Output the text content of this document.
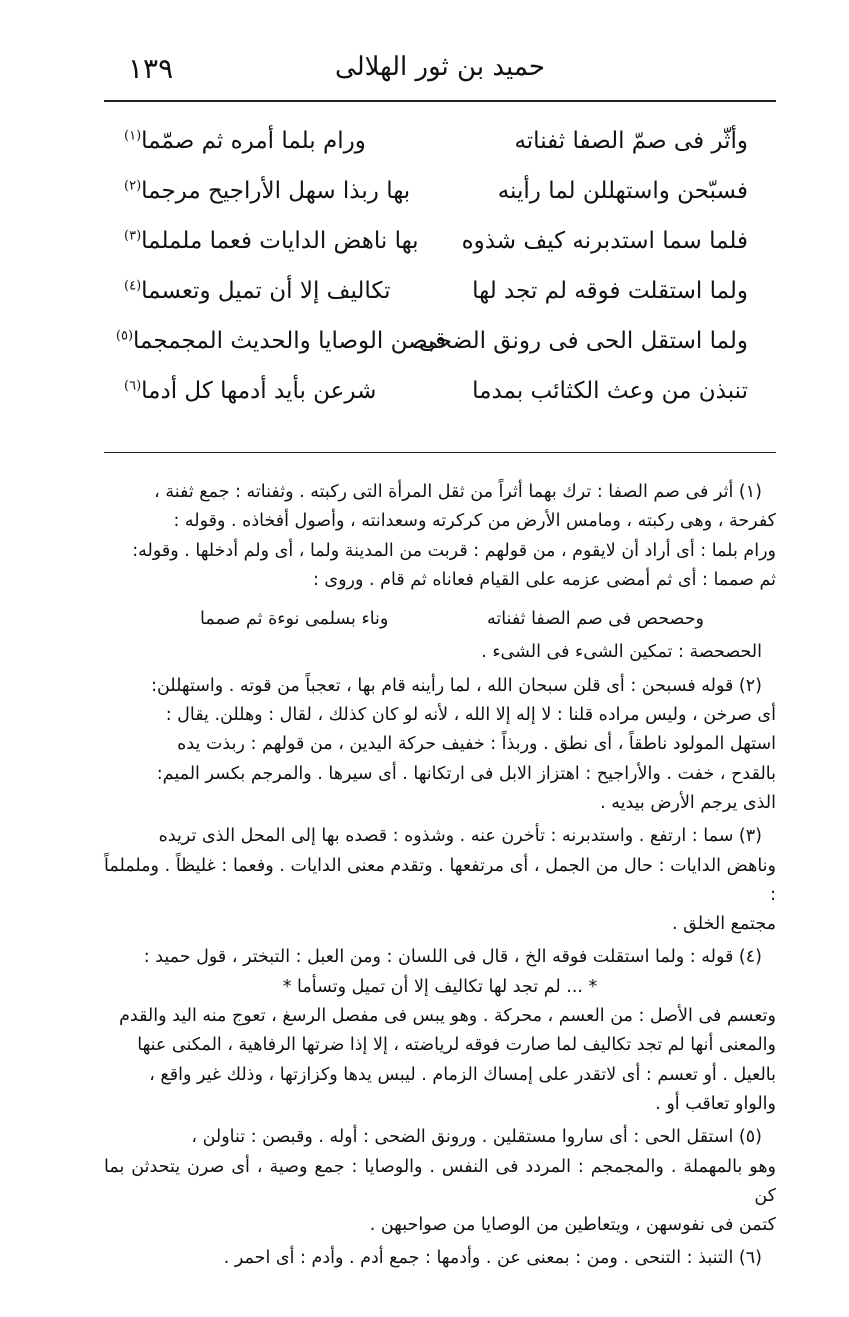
حميد بن ثور الهلالى
١٣٩
وأثّر فى صمّ الصفا ثفناته
ورام بلما أمره ثم صمّما$^{(١)}$
فسبّحن واستهللن لما رأينه
بها ربذا سهل الأراجيح مرجما$^{(٢)}$
فلما سما استدبرنه كيف شذوه
بها ناهض الدايات فعما ململما$^{(٣)}$
ولما استقلت فوقه لم تجد لها
تكاليف إلا أن تميل وتعسما$^{(٤)}$
ولما استقل الحى فى رونق الضحى
قبصن الوصايا والحديث المجمجما$^{(٥)}$
تنبذن من وعث الكثائب بمدما
شرعن بأيد أدمها كل أدما$^{(٦)}$

(١) أثر فى صم الصفا : ترك بهما أثراً من ثقل المرأة التى ركبته . وثفناته : جمع ثفنة ،

كفرحة ، وهى ركبته ، ومامس الأرض من كركرته وسعدانته ، وأصول أفخاذه . وقوله :

ورام بلما : أى أراد أن لايقوم ، من قولهم : قربت من المدينة ولما ، أى ولم أدخلها . وقوله:

ثم صمما : أى ثم أمضى عزمه على القيام فعاناه ثم قام . وروى :

وحصحص فى صم الصفا ثفناته
وناء بسلمى نوءة ثم صمما

الحصحصة : تمكين الشىء فى الشىء .

(٢) قوله فسبحن : أى قلن سبحان الله ، لما رأينه قام بها ، تعجباً من قوته . واستهللن:

أى صرخن ، وليس مراده قلنا : لا إله إلا الله ، لأنه لو كان كذلك ، لقال : وهللن. يقال :

استهل المولود ناطقاً ، أى نطق . وربذاً : خفيف حركة اليدين ، من قولهم : ربذت يده

بالقدح ، خفت . والأراجيح : اهتزاز الابل فى ارتكانها . أى سيرها . والمرجم بكسر الميم:

الذى يرجم الأرض بيديه .

(٣) سما : ارتفع . واستدبرنه : تأخرن عنه . وشذوه : قصده بها إلى المحل الذى تريده

وناهض الدايات : حال من الجمل ، أى مرتفعها . وتقدم معنى الدايات . وفعما : غليظاً . وململماً :

مجتمع الخلق .

(٤) قوله : ولما استقلت فوقه الخ ، قال فى اللسان : ومن العبل : التبختر ، قول حميد :

* ... لم تجد لها تكاليف إلا أن تميل وتسأما *

وتعسم فى الأصل : من العسم ، محركة . وهو يبس فى مفصل الرسغ ، تعوج منه اليد والقدم

والمعنى أنها لم تجد تكاليف لما صارت فوقه لرياضته ، إلا إذا ضرتها الرفاهية ، المكنى عنها

بالعيل . أو تعسم : أى لاتقدر على إمساك الزمام . ليبس يدها وكزازتها ، وذلك غير واقع ،

والواو تعاقب أو .

(٥) استقل الحى : أى ساروا مستقلين . ورونق الضحى : أوله . وقبصن : تناولن ،

وهو بالمهملة . والمجمجم : المردد فى النفس . والوصايا : جمع وصية ، أى صرن يتحدثن بما كن

كتمن فى نفوسهن ، ويتعاطين من الوصايا من صواحبهن .

(٦) التنبذ : التنحى . ومن : بمعنى عن . وأدمها : جمع أدم . وأدم : أى احمر .
